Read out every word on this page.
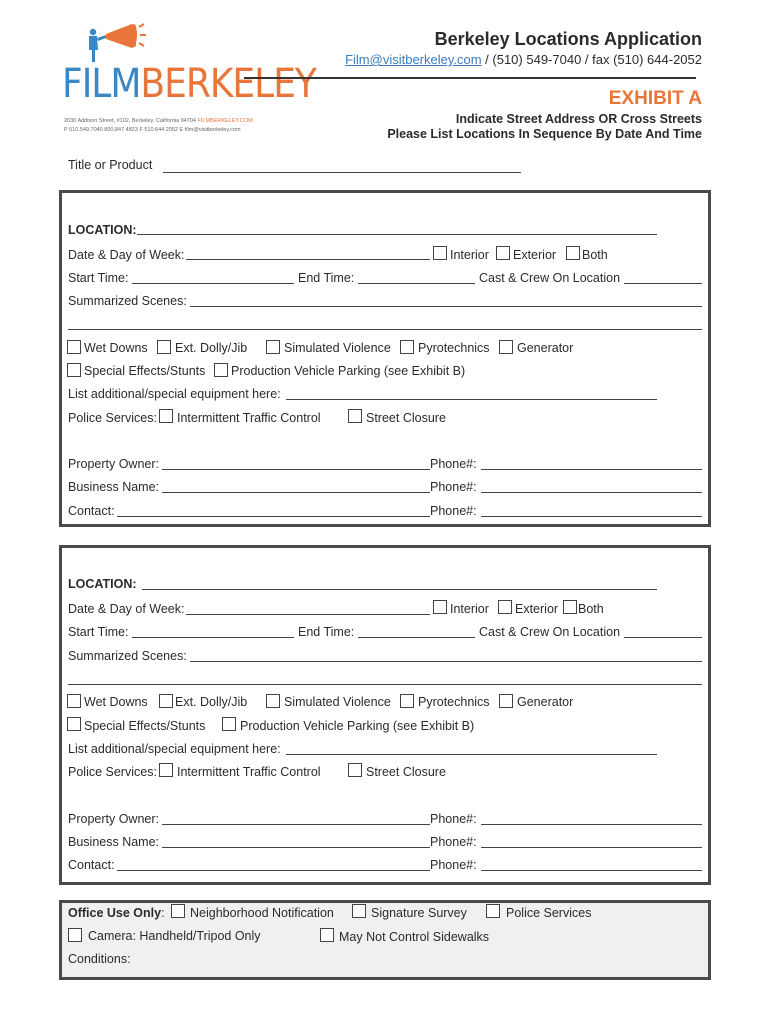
FILMBERKELEY
2030 Addison Street, #102, Berkeley, California 94704 FILMBERKELEY.COM
P 510.549.7040 800.847.4823 F 510.644.2052 E film@visitberkeley.com
Berkeley Locations Application
Film@visitberkeley.com / (510) 549-7040 / fax (510) 644-2052
EXHIBIT A
Indicate Street Address OR Cross Streets
Please List Locations In Sequence By Date And Time
Title or Product
LOCATION:
Date & Day of Week:	Interior Exterior Both
Start Time:	End Time:	Cast & Crew On Location
Summarized Scenes:
Wet Downs Ext. Dolly/Jib	Simulated Violence Pyrotechnics Generator
Special Effects/Stunts Production Vehicle Parking (see Exhibit B)
List additional/special equipment here:
Police Services: Intermittent Traffic Control	Street Closure
Property Owner:	Phone#:
Business Name:	Phone#:
Contact:	Phone#:
LOCATION:
Date & Day of Week:	Interior Exterior Both
Start Time:	End Time:	Cast & Crew On Location
Summarized Scenes:
Wet Downs Ext. Dolly/Jib	Simulated Violence Pyrotechnics Generator
Special Effects/Stunts	Production Vehicle Parking (see Exhibit B)
List additional/special equipment here:
Police Services: Intermittent Traffic Control	Street Closure
Property Owner:	Phone#:
Business Name:	Phone#:
Contact:	Phone#:
Office Use Only: Neighborhood Notification	Signature Survey	Police Services
Camera: Handheld/Tripod Only	May Not Control Sidewalks
Conditions:
